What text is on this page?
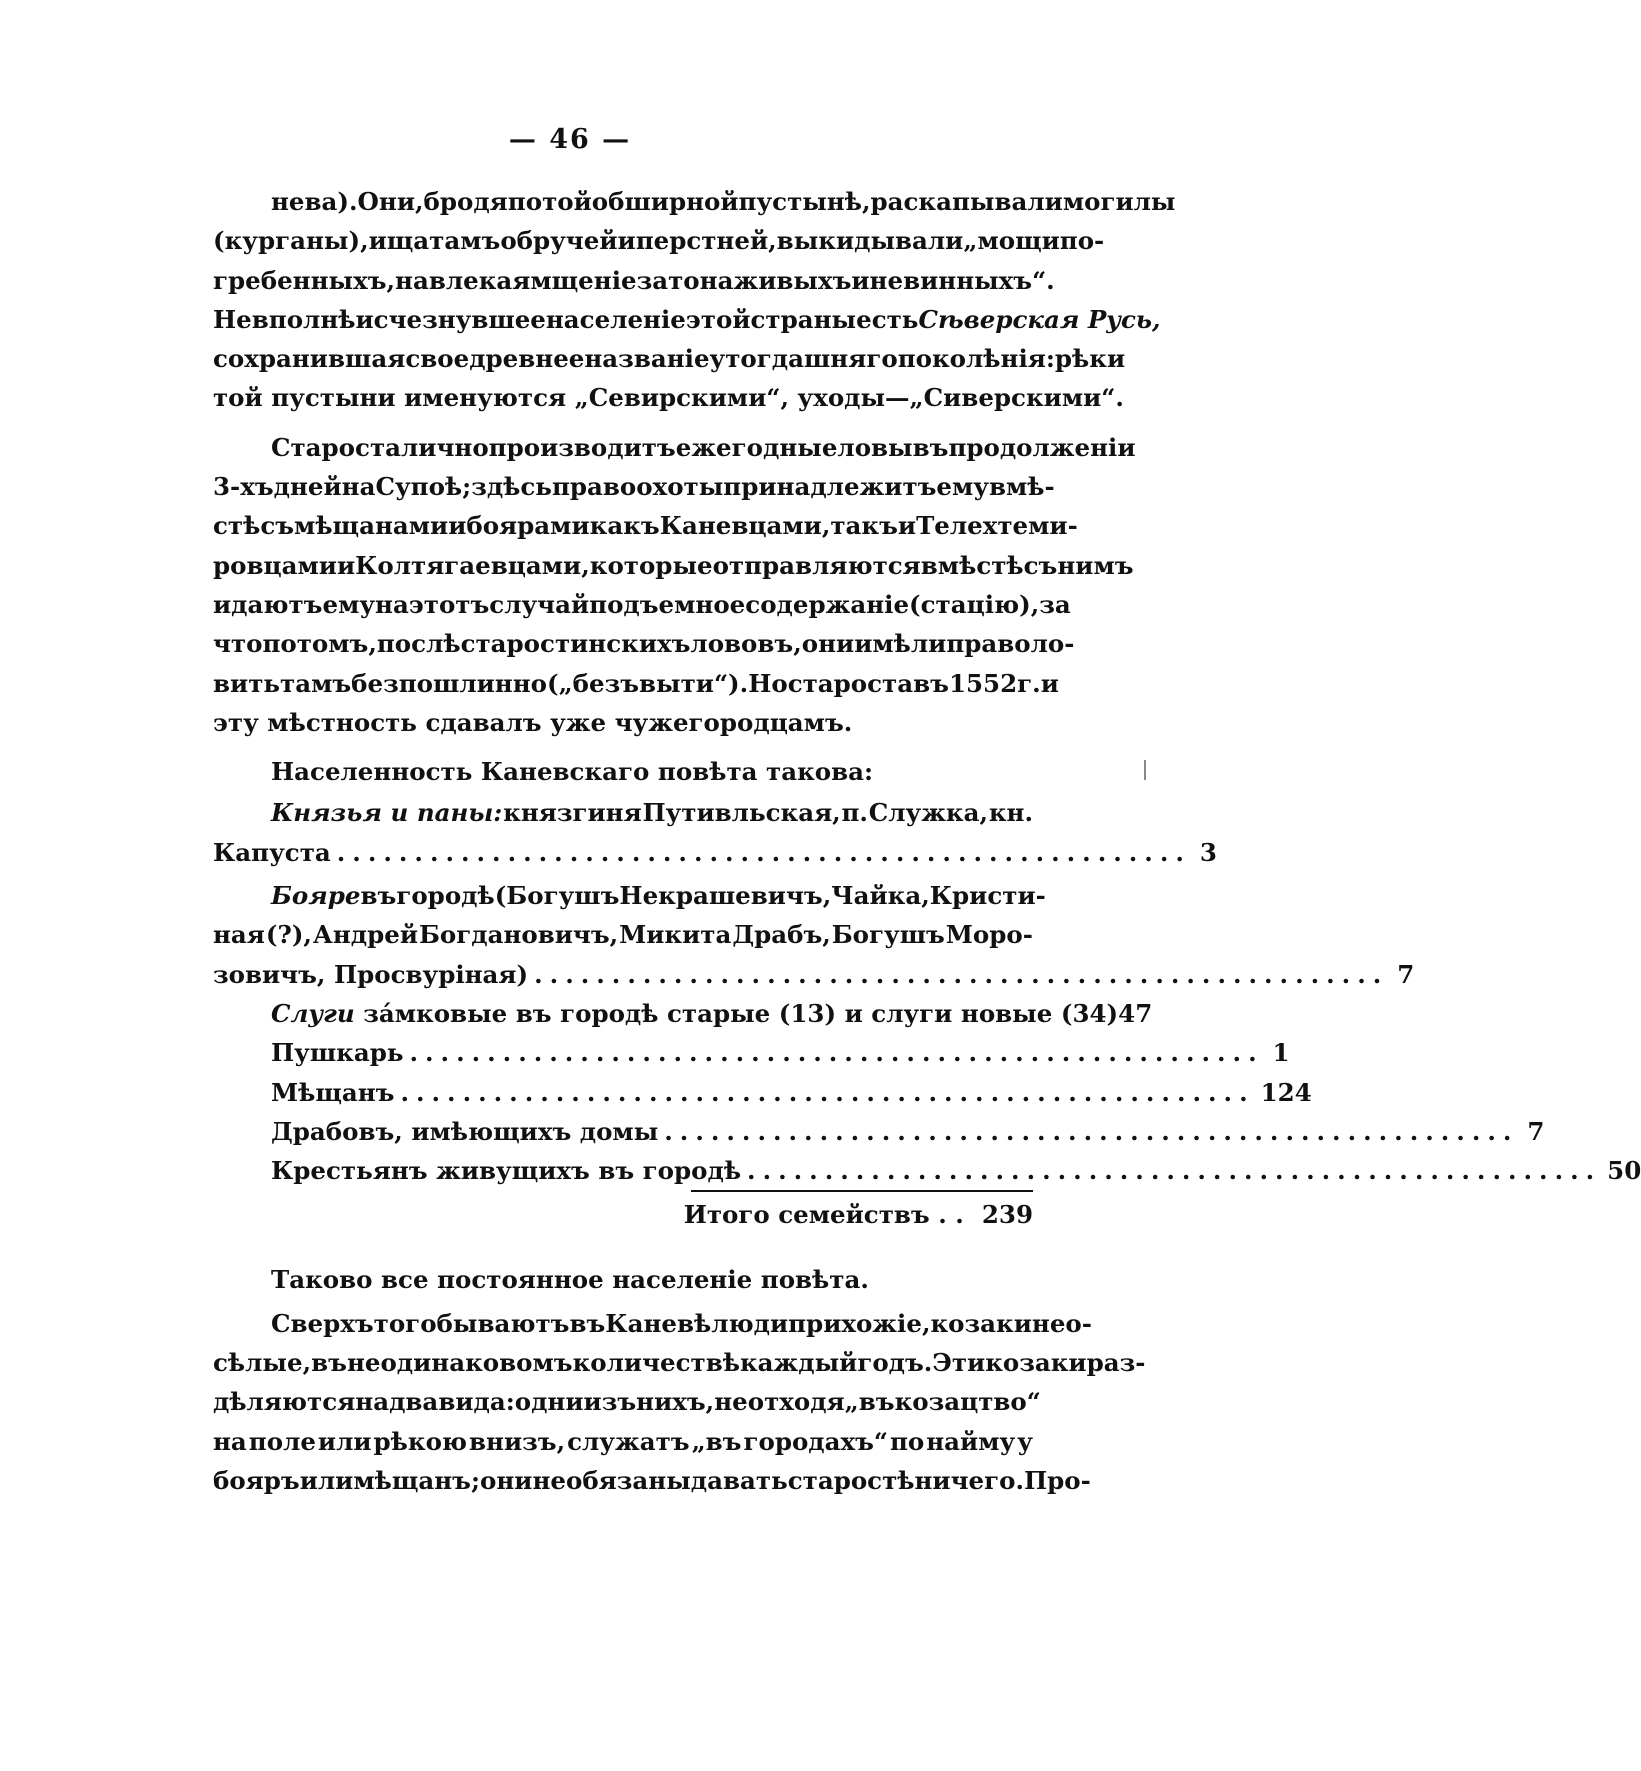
— 46 —
нева). Они, бродя по той обширной пустынѣ, раскапывали могилы
(курганы), ища тамъ обручей и перстней, выкидывали „мощи по-
гребенныхъ, навлекая мщеніе за то на живыхъ и невинныхъ“.
Не вполнѣ исчезнувшее населеніе этой страны есть Сѣверская Русь,
сохранившая свое древнее названіе у тогдашняго поколѣнія: рѣки
той пустыни именуются „Севирскими“, уходы—„Сиверскими“.
Староста лично производитъ ежегодные ловы въ продолженіи
3-хъ дней на Супоѣ; здѣсь право охоты принадлежитъ ему вмѣ-
стѣ съ мѣщанами и боярами какъ Каневцами, такъ и Телехтеми-
ровцами и Колтягаевцами, которые отправляются вмѣстѣ съ нимъ
и даютъ ему на этотъ случай подъемное содержаніе (стацію), за
что потомъ, послѣ старостинскихъ лововъ, они имѣли право ло-
вить тамъ безпошлинно („безъ выти“). Но староста въ 1552 г. и
эту мѣстность сдавалъ уже чужегородцамъ.
Населенность Каневскаго повѣта такова:
Князья и паны: князгиня Путивльская, п. Служка, кн.
Капуста ....................................................... 3
Бояре въ городѣ (Богушъ Некрашевичъ, Чайка, Кристи-
ная (?), Андрей Богдановичъ, Микита Драбъ, Богушъ Моро-
зовичъ, Просвурiная) ....................................................... 7
Слуги за́мковые въ городѣ старые (13) и слуги новые (34) 47
Пушкарь ....................................................... 1
Мѣщанъ ....................................................... 124
Драбовъ, имѣющихъ домы ....................................................... 7
Крестьянъ живущихъ въ городѣ ....................................................... 50
Итого семействъ . . 239
Таково все постоянное населеніе повѣта.
Сверхъ того бываютъ въ Каневѣ люди прихожіе, козаки нео-
сѣлые, въ неодинаковомъ количествѣ каждый годъ. Эти козаки раз-
дѣляются на два вида: одни изъ нихъ, не отходя „въ козацтво“
на поле или рѣкою внизъ, служатъ „въ городахъ“ по найму у
бояръ или мѣщанъ; они не обязаны давать старостѣ ничего. Про-
